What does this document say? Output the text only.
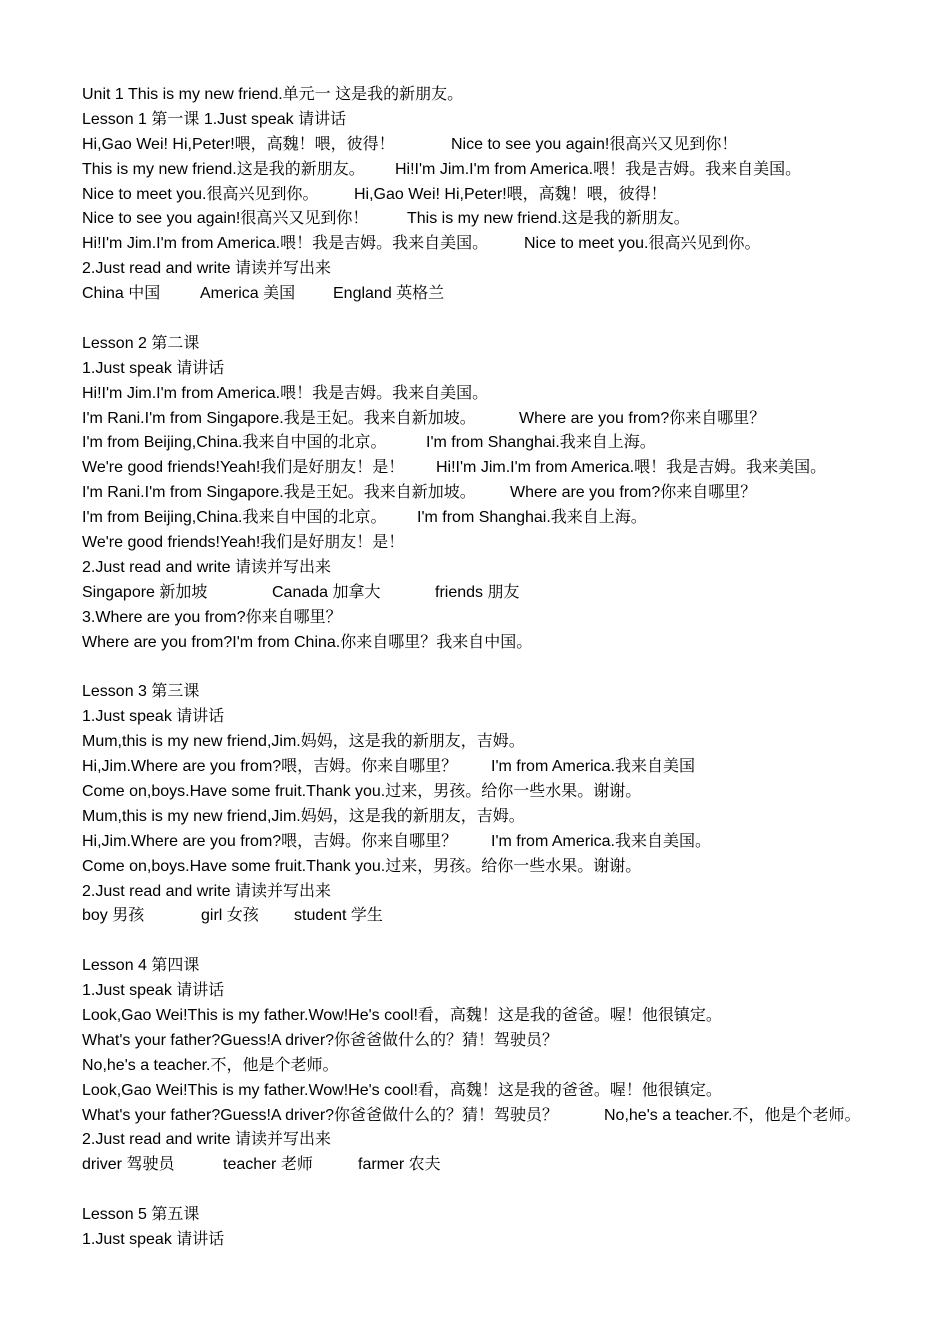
Unit 1 This is my new friend.单元一 这是我的新朋友。
Lesson 1 第一课 1.Just speak 请讲话
Hi,Gao Wei! Hi,Peter!喂，高魏！喂，彼得！	Nice to see you again!很高兴又见到你！
This is my new friend.这是我的新朋友。 Hi!I'm Jim.I'm from America.喂！我是吉姆。我来自美国。
Nice to meet you.很高兴见到你。 Hi,Gao Wei! Hi,Peter!喂，高魏！喂，彼得！
Nice to see you again!很高兴又见到你！ This is my new friend.这是我的新朋友。
Hi!I'm Jim.I'm from America.喂！我是吉姆。我来自美国。 Nice to meet you.很高兴见到你。
2.Just read and write 请读并写出来
China 中国 America 美国 England 英格兰
Lesson 2 第二课
1.Just speak 请讲话
Hi!I'm Jim.I'm from America.喂！我是吉姆。我来自美国。
I'm Rani.I'm from Singapore.我是王妃。我来自新加坡。	Where are you from?你来自哪里？
I'm from Beijing,China.我来自中国的北京。 I'm from Shanghai.我来自上海。
We're good friends!Yeah!我们是好朋友！是！ Hi!I'm Jim.I'm from America.喂！我是吉姆。我来美国。
I'm Rani.I'm from Singapore.我是王妃。我来自新加坡。 Where are you from?你来自哪里？
I'm from Beijing,China.我来自中国的北京。 I'm from Shanghai.我来自上海。
We're good friends!Yeah!我们是好朋友！是！
2.Just read and write 请读并写出来
Singapore 新加坡	Canada 加拿大	friends 朋友
3.Where are you from?你来自哪里？
Where are you from?I'm from China.你来自哪里？我来自中国。
Lesson 3 第三课
1.Just speak 请讲话
Mum,this is my new friend,Jim.妈妈，这是我的新朋友，吉姆。
Hi,Jim.Where are you from?喂，吉姆。你来自哪里？ I'm from America.我来自美国
Come on,boys.Have some fruit.Thank you.过来，男孩。给你一些水果。谢谢。
Mum,this is my new friend,Jim.妈妈，这是我的新朋友，吉姆。
Hi,Jim.Where are you from?喂，吉姆。你来自哪里？ I'm from America.我来自美国。
Come on,boys.Have some fruit.Thank you.过来，男孩。给你一些水果。谢谢。
2.Just read and write 请读并写出来
boy 男孩	girl 女孩 student 学生
Lesson 4 第四课
1.Just speak 请讲话
Look,Gao Wei!This is my father.Wow!He's cool!看，高魏！这是我的爸爸。喔！他很镇定。
What's your father?Guess!A driver?你爸爸做什么的？猜！驾驶员？
No,he's a teacher.不，他是个老师。
Look,Gao Wei!This is my father.Wow!He's cool!看，高魏！这是我的爸爸。喔！他很镇定。
What's your father?Guess!A driver?你爸爸做什么的？猜！驾驶员？	No,he's a teacher.不，他是个老师。
2.Just read and write 请读并写出来
driver 驾驶员	teacher 老师	farmer 农夫
Lesson 5 第五课
1.Just speak 请讲话
